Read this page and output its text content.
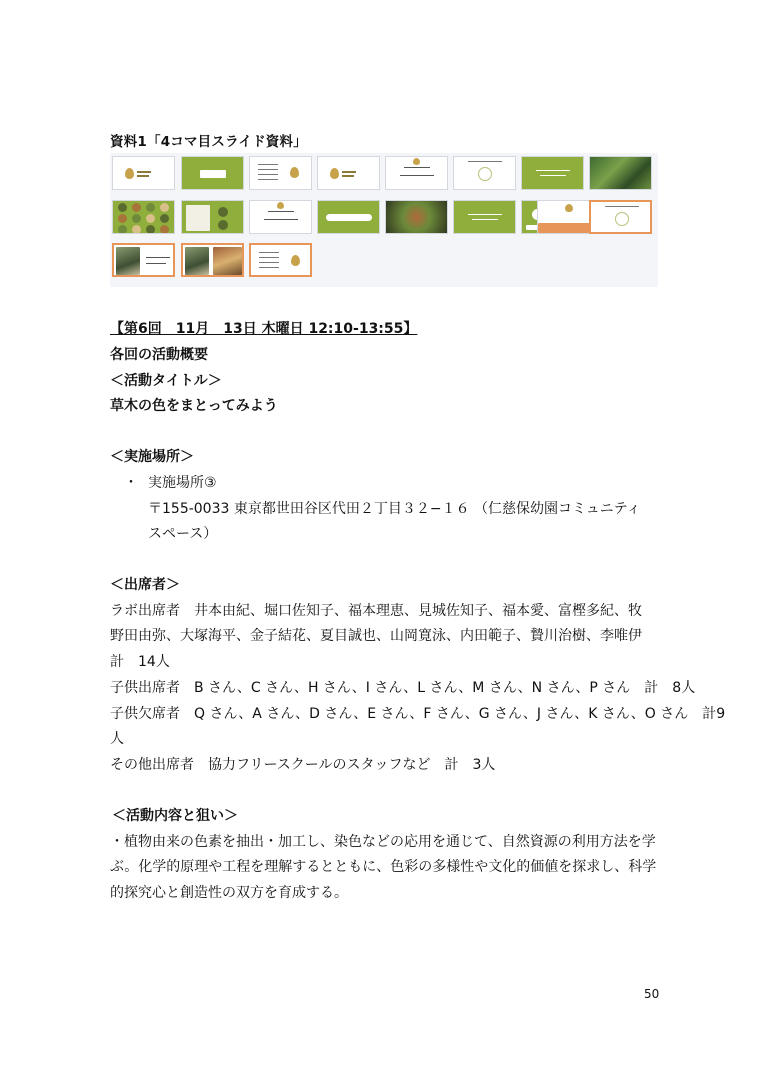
資料1「4コマ目スライド資料」
【第6回　11月　13日 木曜日 12:10-13:55】
各回の活動概要
＜活動タイトル＞
草木の色をまとってみよう
＜実施場所＞
・ 実施場所③
〒155-0033 東京都世田谷区代田２丁目３２−１６ （仁慈保幼園コミュニティ
スペース）
＜出席者＞
ラボ出席者　井本由紀、堀口佐知子、福本理恵、見城佐知子、福本愛、富樫多紀、牧
野田由弥、大塚海平、金子結花、夏目誠也、山岡寛泳、内田範子、贄川治樹、李唯伊
計　14人
子供出席者　B さん、C さん、H さん、I さん、L さん、M さん、N さん、P さん　計　8人
子供欠席者　Q さん、A さん、D さん、E さん、F さん、G さん、J さん、K さん、O さん　計9
人
その他出席者　協力フリースクールのスタッフなど　計　3人
＜活動内容と狙い＞
・植物由来の色素を抽出・加工し、染色などの応用を通じて、自然資源の利用方法を学
ぶ。化学的原理や工程を理解するとともに、色彩の多様性や文化的価値を探求し、科学
的探究心と創造性の双方を育成する。
50
